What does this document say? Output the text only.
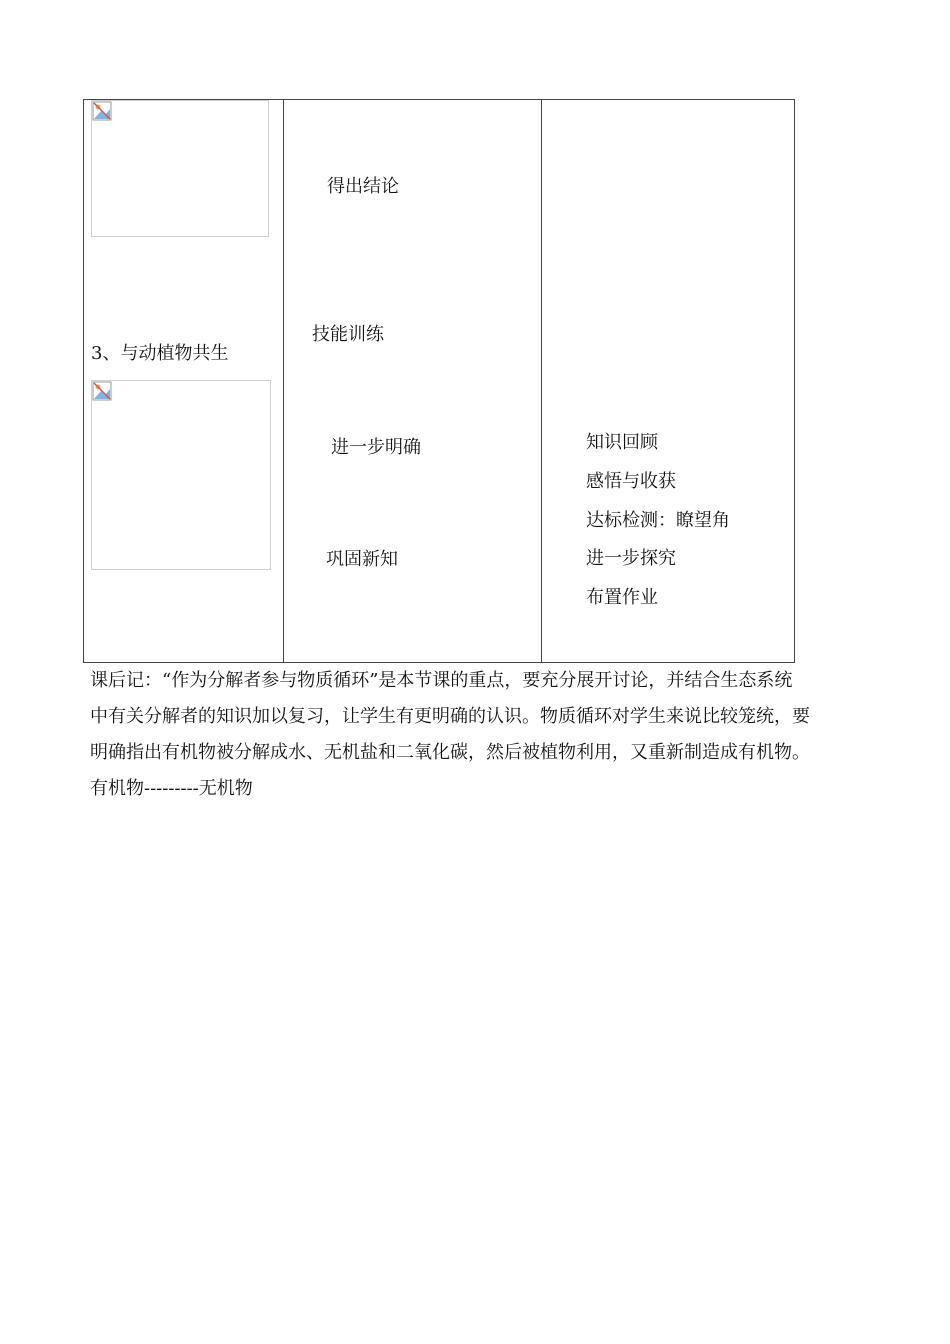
3、与动植物共生
得出结论
技能训练
进一步明确
巩固新知
知识回顾
感悟与收获
达标检测：瞭望角
进一步探究
布置作业

课后记：“作为分解者参与物质循环”是本节课的重点，要充分展开讨论，并结合生态系统

中有关分解者的知识加以复习，让学生有更明确的认识。物质循环对学生来说比较笼统，要

明确指出有机物被分解成水、无机盐和二氧化碳，然后被植物利用，又重新制造成有机物。

有机物---------无机物
